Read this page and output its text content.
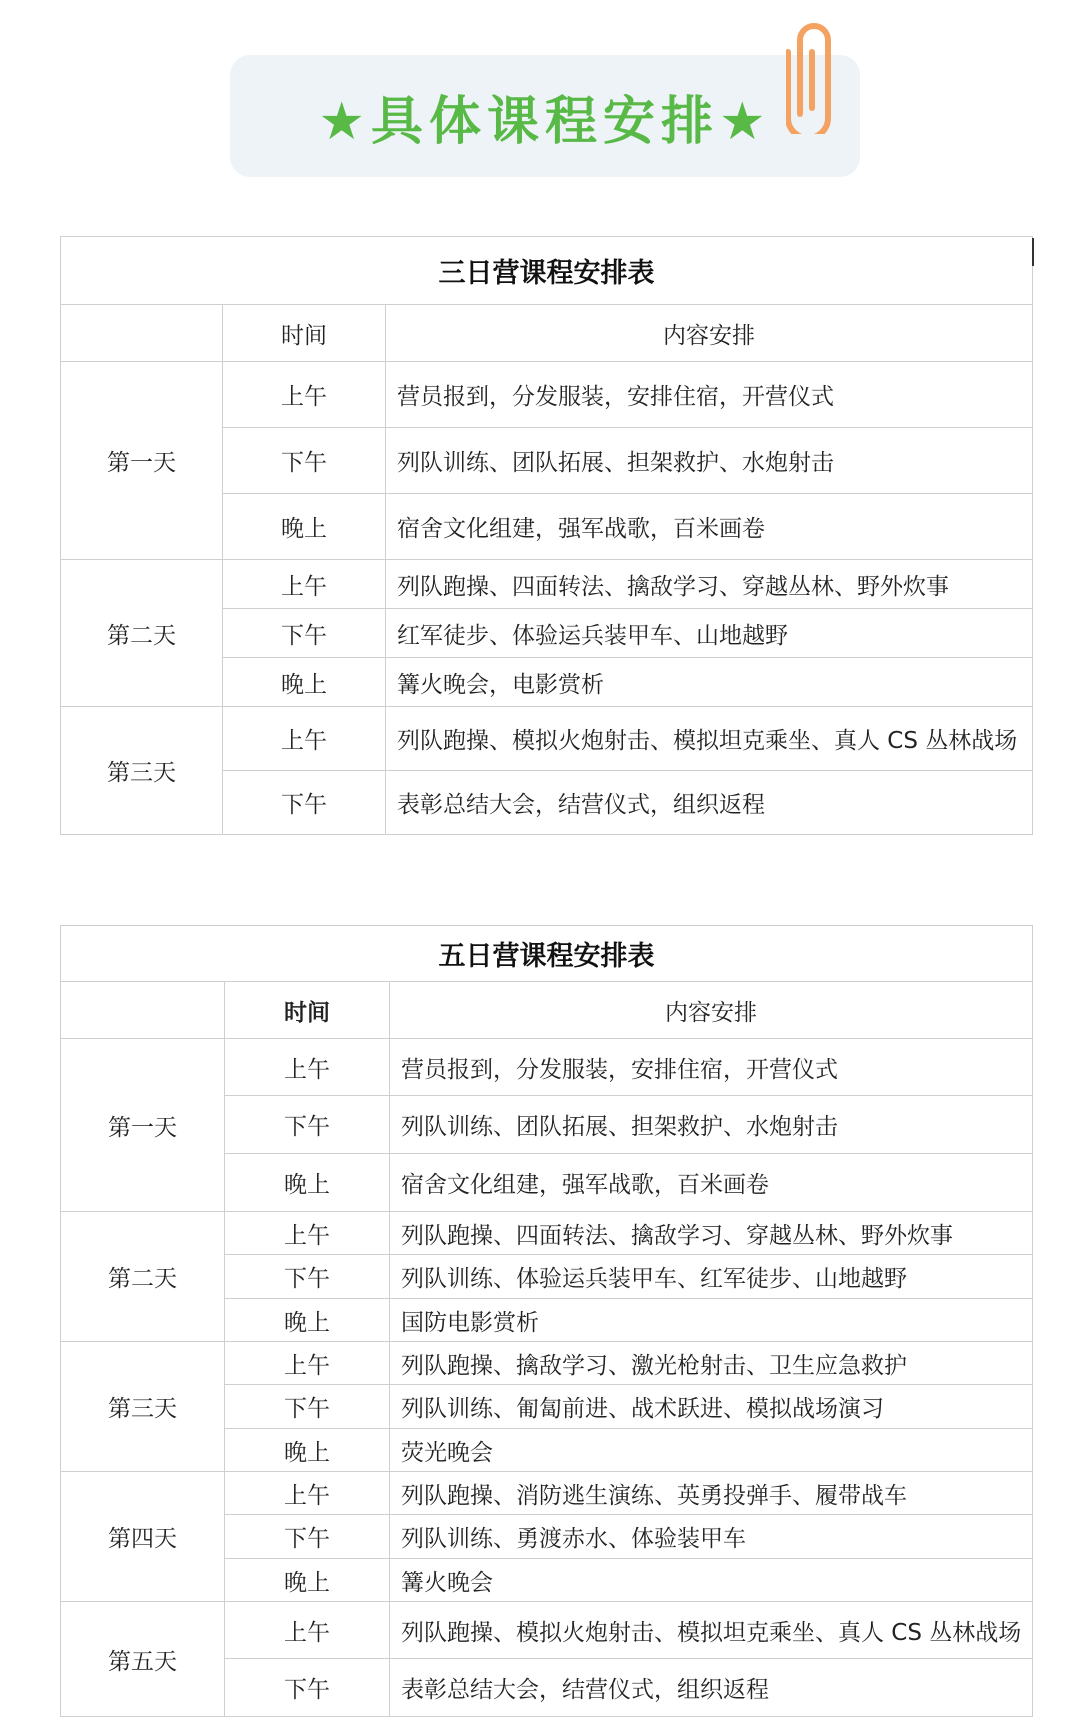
★具体课程安排★
三日营课程安排表		
	时间	内容安排
第一天	上午	营员报到，分发服装，安排住宿，开营仪式
	下午	列队训练、团队拓展、担架救护、水炮射击
	晚上	宿舍文化组建，强军战歌，百米画卷
第二天	上午	列队跑操、四面转法、擒敌学习、穿越丛林、野外炊事
	下午	红军徒步、体验运兵装甲车、山地越野
	晚上	篝火晚会，电影赏析
第三天	上午	列队跑操、模拟火炮射击、模拟坦克乘坐、真人 CS 丛林战场
	下午	表彰总结大会，结营仪式，组织返程
五日营课程安排表		
	时间	内容安排
第一天	上午	营员报到，分发服装，安排住宿，开营仪式
	下午	列队训练、团队拓展、担架救护、水炮射击
	晚上	宿舍文化组建，强军战歌，百米画卷
第二天	上午	列队跑操、四面转法、擒敌学习、穿越丛林、野外炊事
	下午	列队训练、体验运兵装甲车、红军徒步、山地越野
	晚上	国防电影赏析
第三天	上午	列队跑操、擒敌学习、激光枪射击、卫生应急救护
	下午	列队训练、匍匐前进、战术跃进、模拟战场演习
	晚上	荧光晚会
第四天	上午	列队跑操、消防逃生演练、英勇投弹手、履带战车
	下午	列队训练、勇渡赤水、体验装甲车
	晚上	篝火晚会
第五天	上午	列队跑操、模拟火炮射击、模拟坦克乘坐、真人 CS 丛林战场
	下午	表彰总结大会，结营仪式，组织返程
